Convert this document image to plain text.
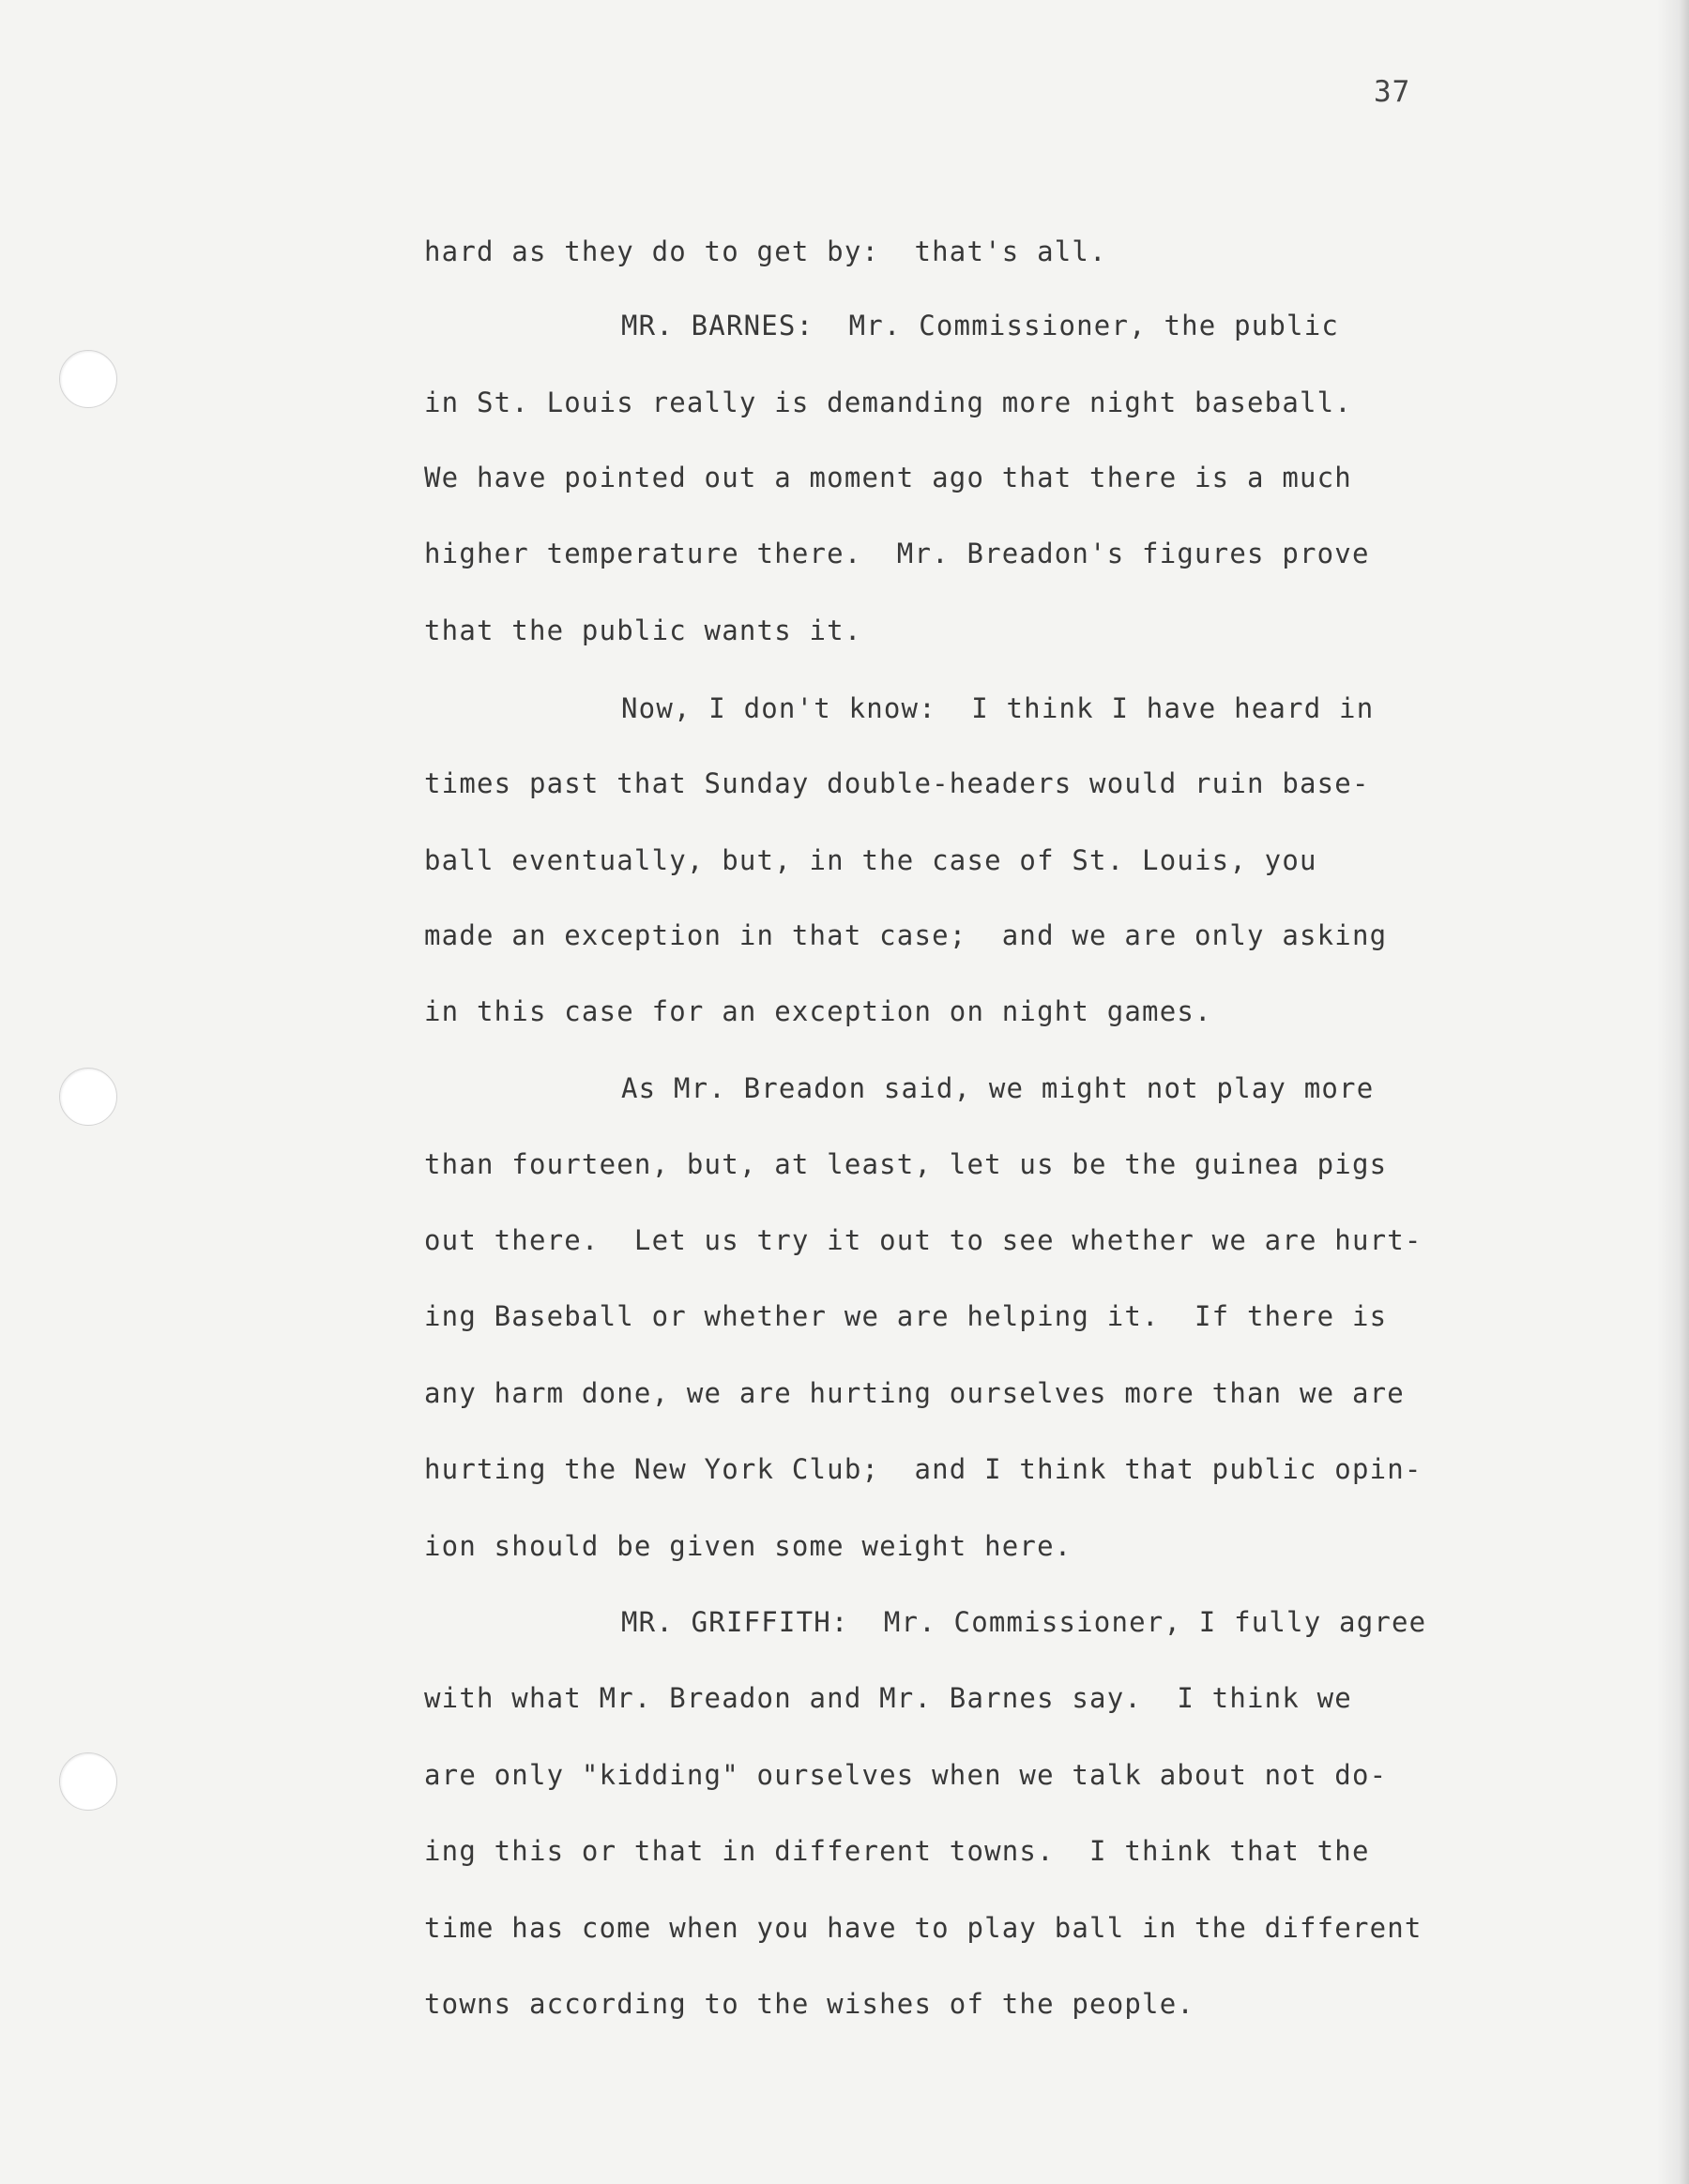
37

hard as they do to get by:  that's all.

MR. BARNES:  Mr. Commissioner, the public

in St. Louis really is demanding more night baseball.

We have pointed out a moment ago that there is a much

higher temperature there.  Mr. Breadon's figures prove

that the public wants it.

Now, I don't know:  I think I have heard in

times past that Sunday double-headers would ruin base-

ball eventually, but, in the case of St. Louis, you

made an exception in that case;  and we are only asking

in this case for an exception on night games.

As Mr. Breadon said, we might not play more

than fourteen, but, at least, let us be the guinea pigs

out there.  Let us try it out to see whether we are hurt-

ing Baseball or whether we are helping it.  If there is

any harm done, we are hurting ourselves more than we are

hurting the New York Club;  and I think that public opin-

ion should be given some weight here.

MR. GRIFFITH:  Mr. Commissioner, I fully agree

with what Mr. Breadon and Mr. Barnes say.  I think we

are only "kidding" ourselves when we talk about not do-

ing this or that in different towns.  I think that the

time has come when you have to play ball in the different

towns according to the wishes of the people.
